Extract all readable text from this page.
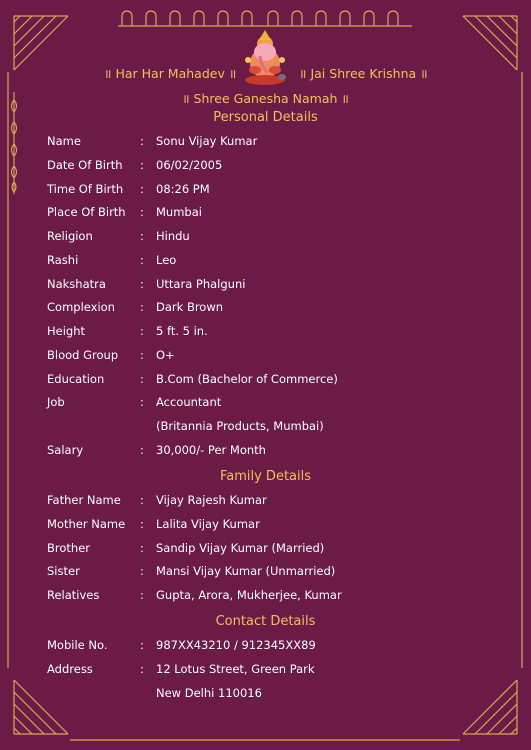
॥ Har Har Mahadev ॥	॥ Jai Shree Krishna ॥
॥ Shree Ganesha Namah ॥
Personal Details
Name	: Sonu Vijay Kumar
Date Of Birth : 06/02/2005
Time Of Birth : 08:26 PM
Place Of Birth : Mumbai
Religion	: Hindu
Rashi	: Leo
Nakshatra	: Uttara Phalguni
Complexion : Dark Brown
Height	: 5 ft. 5 in.
Blood Group : O+
Education	: B.Com (Bachelor of Commerce)
Job	: Accountant
(Britannia Products, Mumbai)
Salary	: 30,000/- Per Month
Family Details
Father Name : Vijay Rajesh Kumar
Mother Name : Lalita Vijay Kumar
Brother	: Sandip Vijay Kumar (Married)
Sister	: Mansi Vijay Kumar (Unmarried)
Relatives	: Gupta, Arora, Mukherjee, Kumar
Contact Details
Mobile No.	: 987XX43210 / 912345XX89
Address	: 12 Lotus Street, Green Park
New Delhi 110016
